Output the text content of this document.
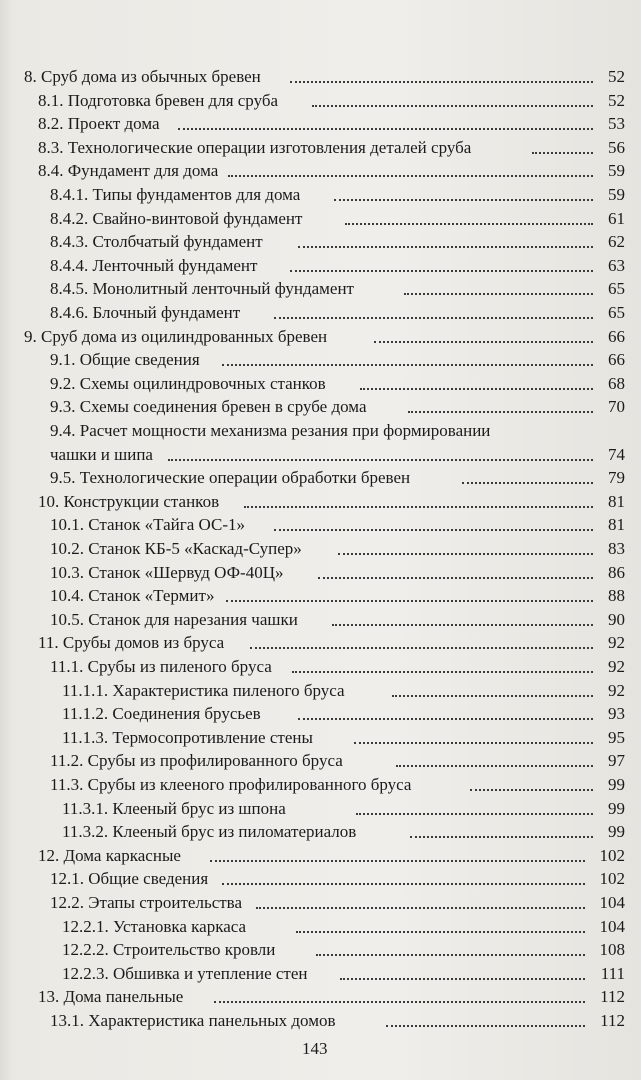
8. Сруб дома из обычных бревен	52
8.1. Подготовка бревен для сруба	52
8.2. Проект дома	53
8.3. Технологические операции изготовления деталей сруба	56
8.4. Фундамент для дома	59
8.4.1. Типы фундаментов для дома	59
8.4.2. Свайно-винтовой фундамент	61
8.4.3. Столбчатый фундамент	62
8.4.4. Ленточный фундамент	63
8.4.5. Монолитный ленточный фундамент	65
8.4.6. Блочный фундамент	65
9. Сруб дома из оцилиндрованных бревен	66
9.1. Общие сведения	66
9.2. Схемы оцилиндровочных станков	68
9.3. Схемы соединения бревен в срубе дома	70
9.4. Расчет мощности механизма резания при формировании
чашки и шипа	74
9.5. Технологические операции обработки бревен	79
10. Конструкции станков	81
10.1. Станок «Тайга ОС-1»	81
10.2. Станок КБ-5 «Каскад-Супер»	83
10.3. Станок «Шервуд ОФ-40Ц»	86
10.4. Станок «Термит»	88
10.5. Станок для нарезания чашки	90
11. Срубы домов из бруса	92
11.1. Срубы из пиленого бруса	92
11.1.1. Характеристика пиленого бруса	92
11.1.2. Соединения брусьев	93
11.1.3. Термосопротивление стены	95
11.2. Срубы из профилированного бруса	97
11.3. Срубы из клееного профилированного бруса	99
11.3.1. Клееный брус из шпона	99
11.3.2. Клееный брус из пиломатериалов	99
12. Дома каркасные	102
12.1. Общие сведения	102
12.2. Этапы строительства	104
12.2.1. Установка каркаса	104
12.2.2. Строительство кровли	108
12.2.3. Обшивка и утепление стен	111
13. Дома панельные	112
13.1. Характеристика панельных домов	112
143
